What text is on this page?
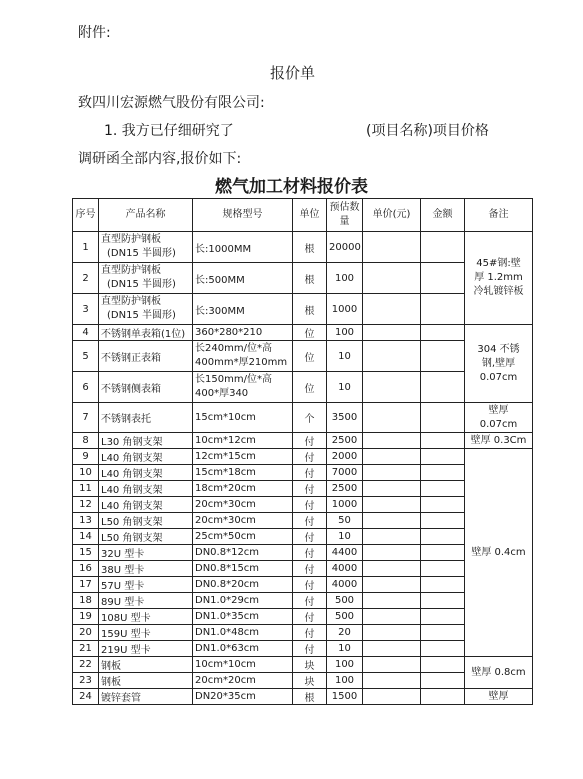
附件:
报价单
致四川宏源燃气股份有限公司:
1. 我方已仔细研究了	(项目名称)项目价格
调研函全部内容,报价如下:
燃气加工材料报价表
序号	产品名称	规格型号	单位	预估数量	单价(元)	金额	备注
1	直型防护钢板
(DN15 半圆形)	长:1000MM	根	20000			45#钢:壁
厚 1.2mm
冷轧镀锌板

2	直型防护钢板
(DN15 半圆形)	长:500MM	根	100			
3	直型防护钢板
(DN15 半圆形)	长:300MM	根	1000			
4	不锈钢单表箱(1位)	360*280*210	位	100			304 不锈
钢,壁厚
0.07cm

5	不锈钢正表箱	长240mm/位*高
400mm*厚210mm	位	10			
6	不锈钢侧表箱	长150mm/位*高
400*厚340	位	10			
7	不锈钢表托	15cm*10cm	个	3500			壁厚
0.07cm

8	L30 角钢支架	10cm*12cm	付	2500			壁厚 0.3Cm
9	L40 角钢支架	12cm*15cm	付	2000			壁厚 0.4cm
10	L40 角钢支架	15cm*18cm	付	7000			
11	L40 角钢支架	18cm*20cm	付	2500			
12	L40 角钢支架	20cm*30cm	付	1000			
13	L50 角钢支架	20cm*30cm	付	50			
14	L50 角钢支架	25cm*50cm	付	10			
15	32U 型卡	DN0.8*12cm	付	4400			
16	38U 型卡	DN0.8*15cm	付	4000			
17	57U 型卡	DN0.8*20cm	付	4000			
18	89U 型卡	DN1.0*29cm	付	500			
19	108U 型卡	DN1.0*35cm	付	500			
20	159U 型卡	DN1.0*48cm	付	20			
21	219U 型卡	DN1.0*63cm	付	10			
22	钢板	10cm*10cm	块	100			壁厚 0.8cm
23	钢板	20cm*20cm	块	100			
24	镀锌套管	DN20*35cm	根	1500			壁厚
